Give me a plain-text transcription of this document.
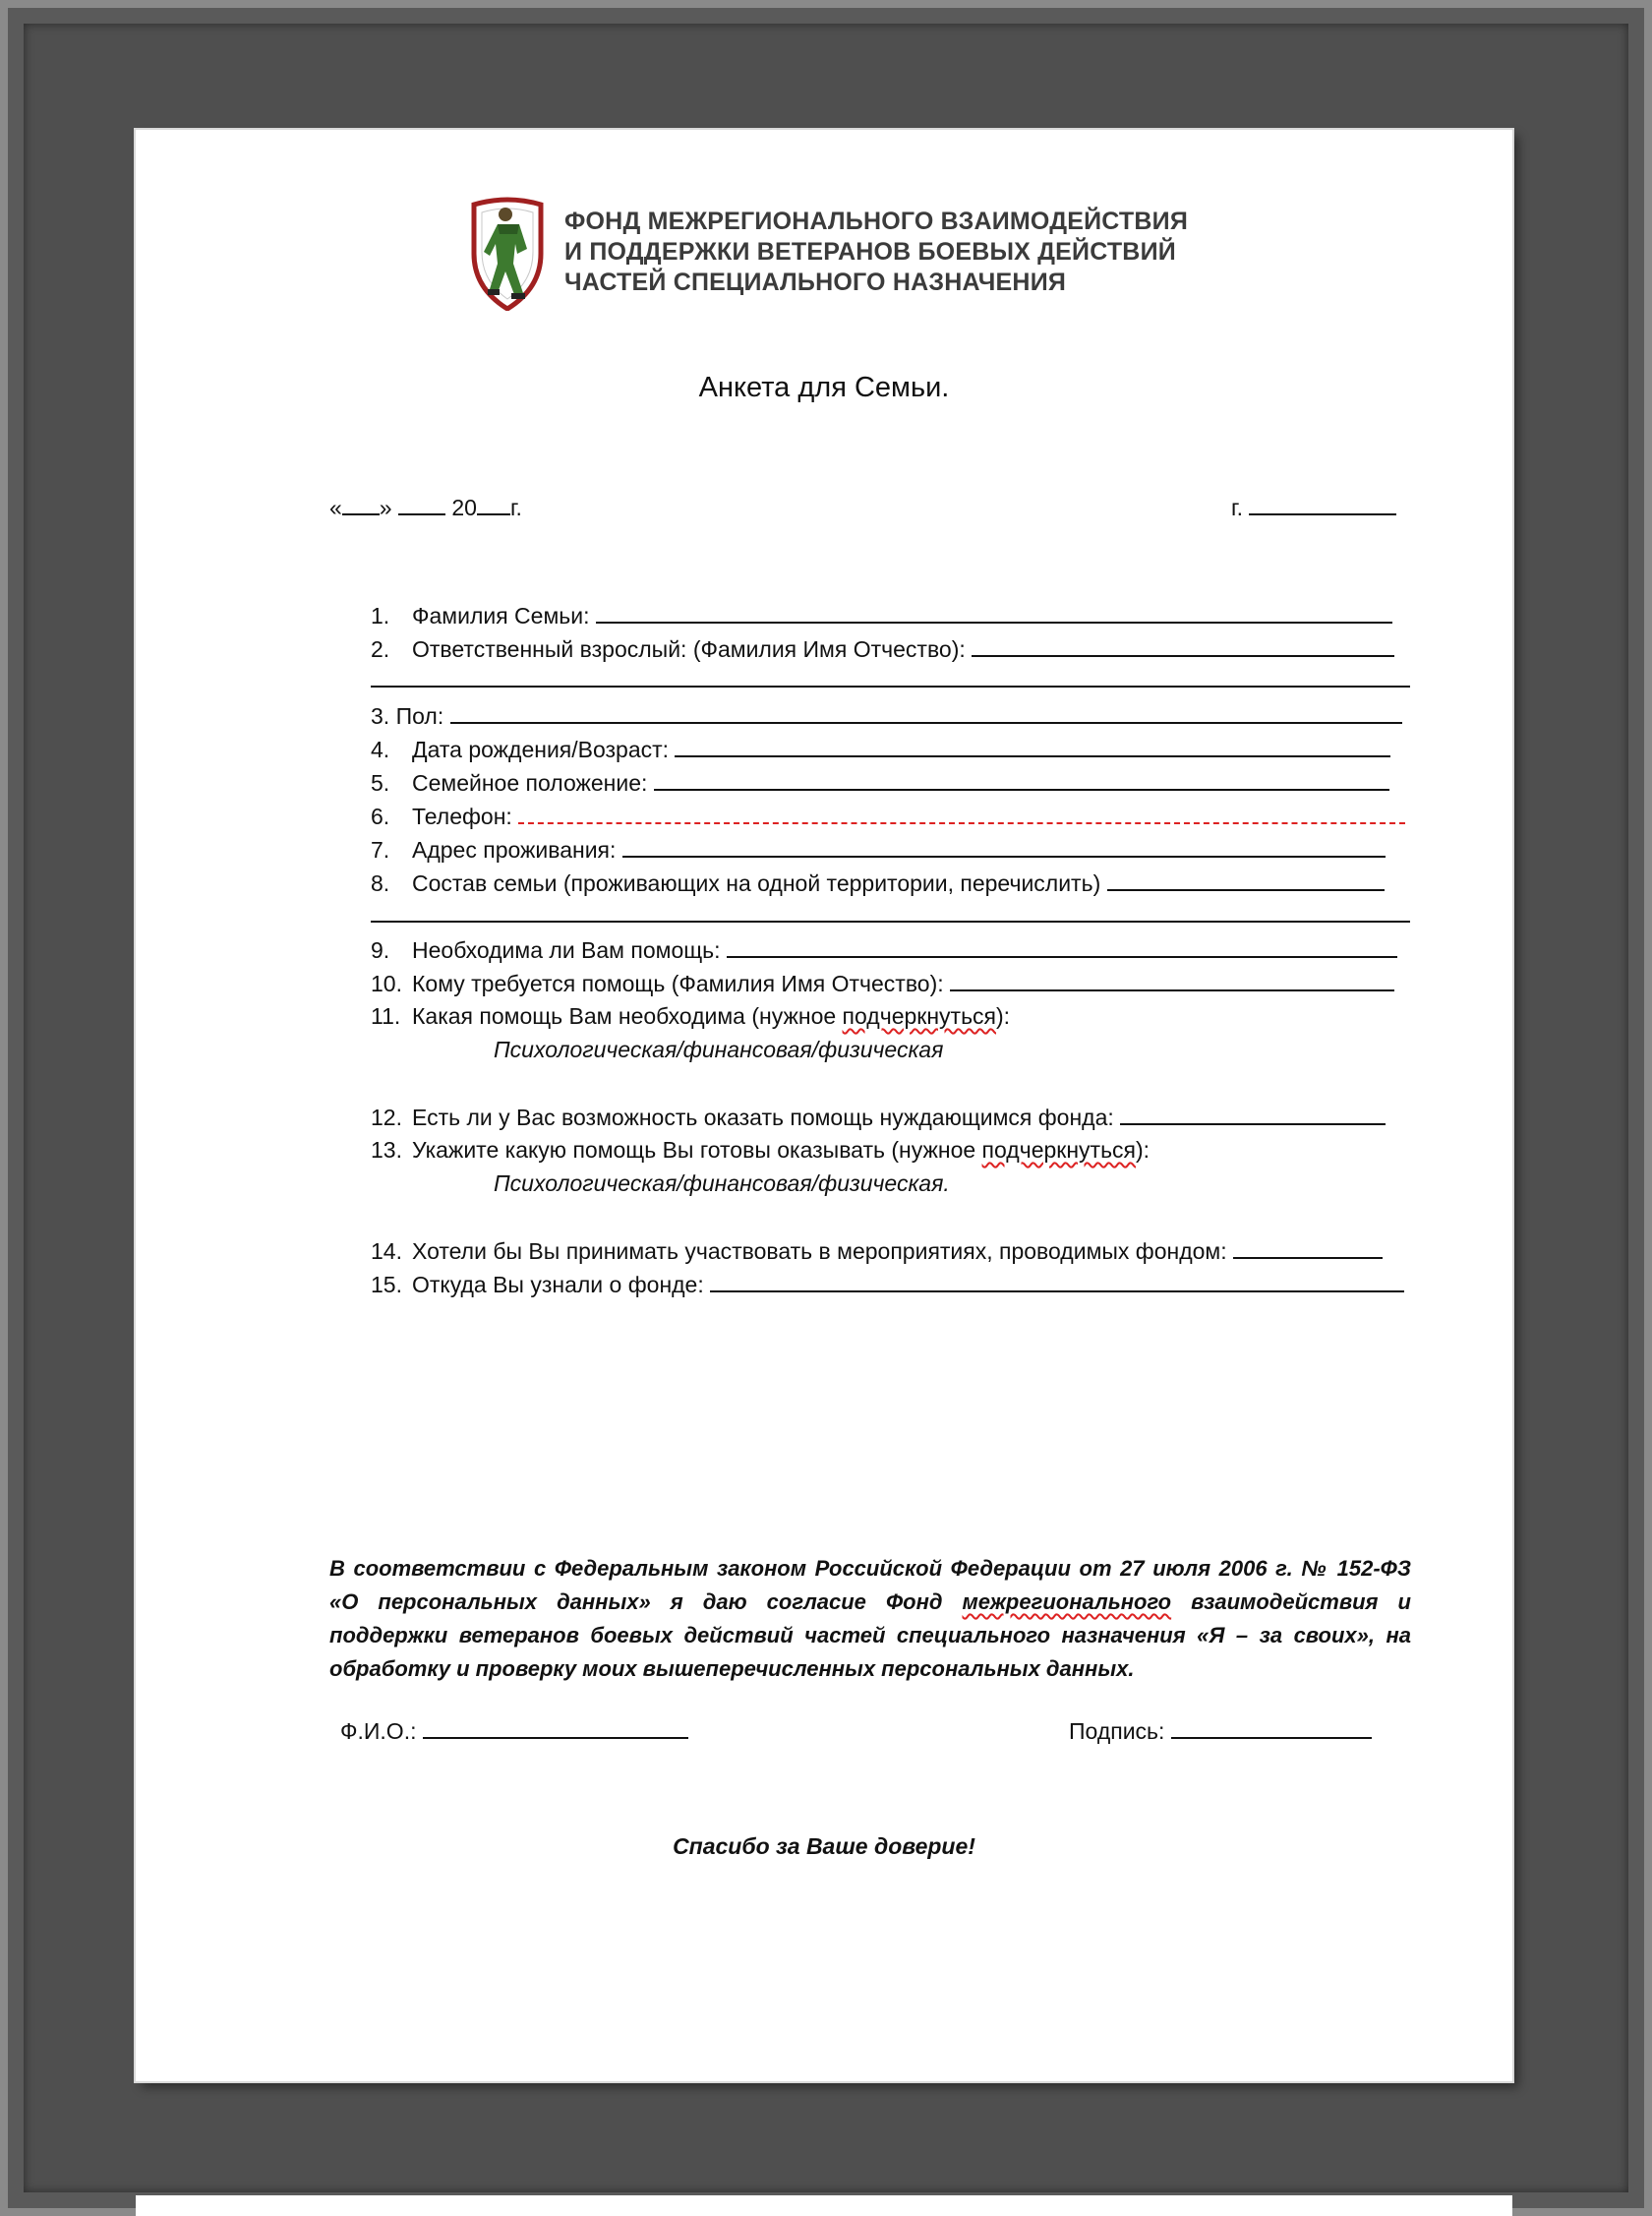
ФОНД МЕЖРЕГИОНАЛЬНОГО ВЗАИМОДЕЙСТВИЯ
И ПОДДЕРЖКИ ВЕТЕРАНОВ БОЕВЫХ ДЕЙСТВИЙ
ЧАСТЕЙ СПЕЦИАЛЬНОГО НАЗНАЧЕНИЯ
Анкета для Семьи.
« »	20 г.	г.
1. Фамилия Семьи:
2. Ответственный взрослый: (Фамилия Имя Отчество):
3. Пол:
4. Дата рождения/Возраст:
5. Семейное положение:
6. Телефон:
7. Адрес проживания:
8. Состав семьи (проживающих на одной территории, перечислить)
9. Необходима ли Вам помощь:
10. Кому требуется помощь (Фамилия Имя Отчество):
11. Какая помощь Вам необходима (нужное подчеркнуться):
Психологическая/финансовая/физическая
12. Есть ли у Вас возможность оказать помощь нуждающимся фонда:
13. Укажите какую помощь Вы готовы оказывать (нужное подчеркнуться):
Психологическая/финансовая/физическая.
14. Хотели бы Вы принимать участвовать в мероприятиях, проводимых фондом:
15. Откуда Вы узнали о фонде:
В соответствии с Федеральным законом Российской Федерации от 27 июля 2006 г. № 152-ФЗ «О персональных данных» я даю согласие Фонд межрегионального взаимодействия и поддержки ветеранов боевых действий частей специального назначения «Я – за своих», на обработку и проверку моих вышеперечисленных персональных данных.
Ф.И.О.:	Подпись:
Спасибо за Ваше доверие!
